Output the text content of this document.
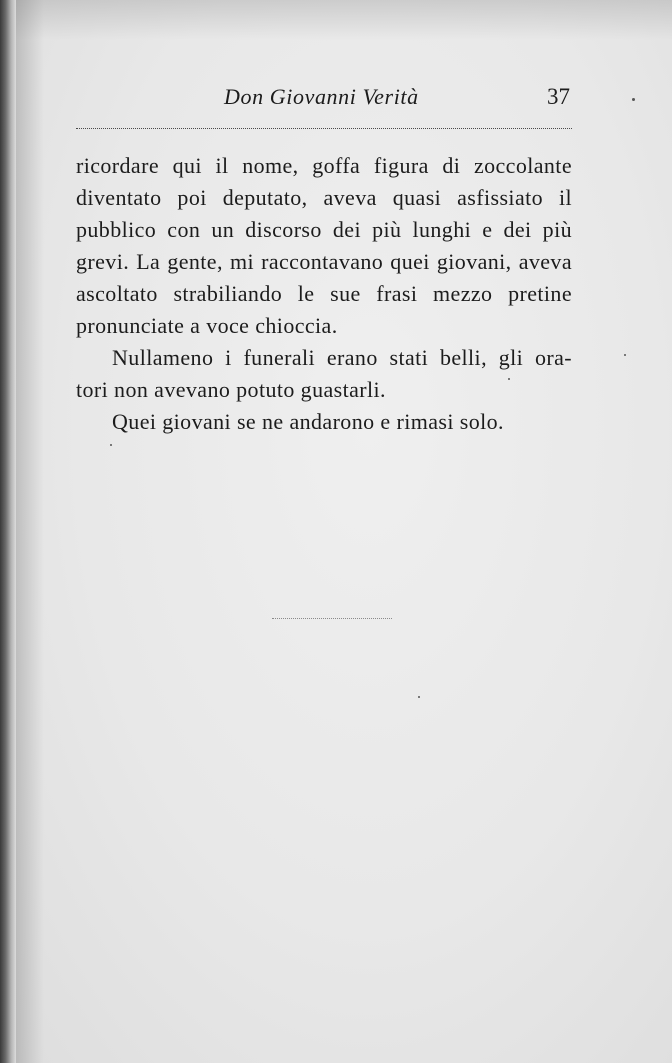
Don Giovanni Verità	37
ricordare qui il nome, goffa figura di zoccolante
diventato poi deputato, aveva quasi asfissiato il
pubblico con un discorso dei più lunghi e dei più
grevi. La gente, mi raccontavano quei giovani, aveva
ascoltato strabiliando le sue frasi mezzo pretine
pronunciate a voce chioccia.
Nullameno i funerali erano stati belli, gli ora-
tori non avevano potuto guastarli.
Quei giovani se ne andarono e rimasi solo.
